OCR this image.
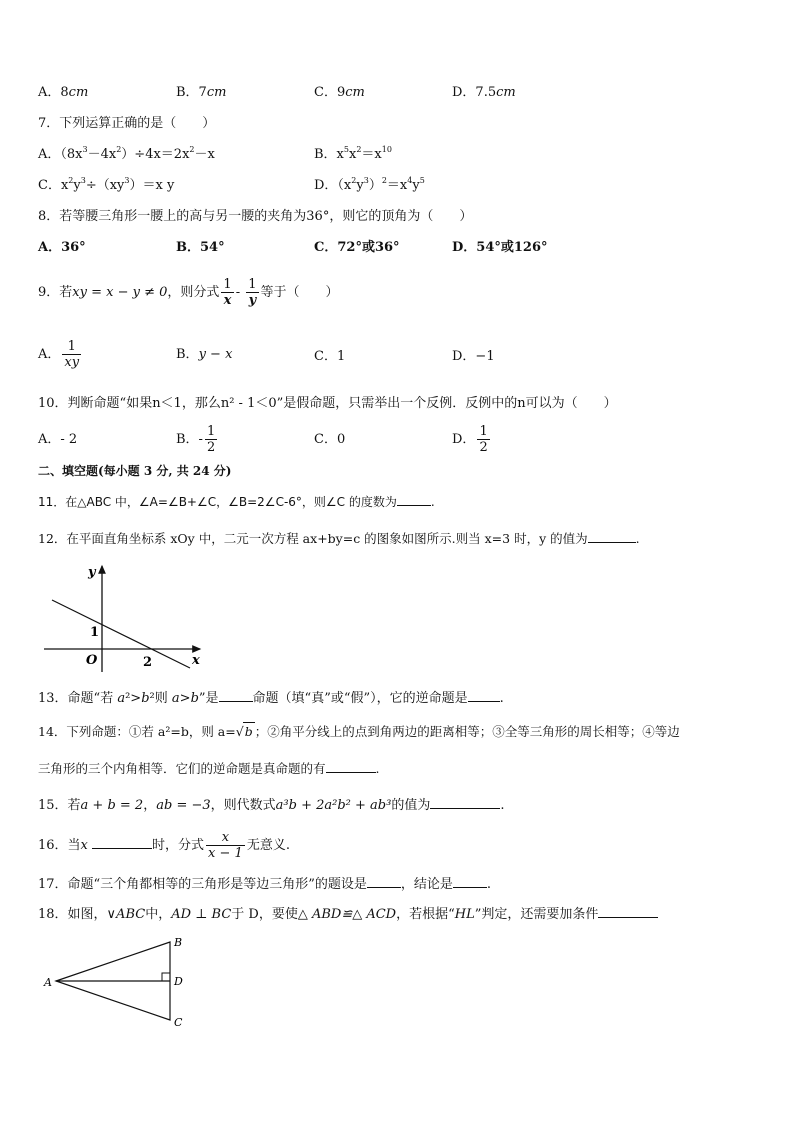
A．8cm	B．7cm	C．9cm	D．7.5cm
7．下列运算正确的是（　　）
A．$(8x^3-4x^2)\div 4x=2x^2-x$	B．$x^5x^2=x^{10}$
C．$x^2y^3\div(xy^3)=x$ y	D．$(x^2y^3)^2=x^4y^5$
8．若等腰三角形一腰上的高与另一腰的夹角为36°，则它的顶角为（　　）
A．36°	B．54°	C．72°或36°	D．54°或126°
9．若xy = x − y ≠ 0，则分式 $\frac{1}{x} - \frac{1}{y}$ 等于（　　）
A． $\frac{1}{xy}$	B．y − x	C．1	D．−1
10．判断命题“如果n＜1，那么n² - 1＜0”是假命题，只需举出一个反例．反例中的n可以为（　　）
A．- 2	B．- $\frac{1}{2}$	C．0	D． $\frac{1}{2}$
二、填空题(每小题 3 分, 共 24 分)
11．在△ABC 中，∠A=∠B+∠C，∠B=2∠C-6°，则∠C 的度数为	.
12．在平面直角坐标系 xOy 中，二元一次方程 ax+by=c 的图象如图所示.则当 x=3 时，y 的值为	.
y
x
O
1
2
13．命题“若 a²>b²则 a>b”是	命题（填“真”或“假”），它的逆命题是 .
14．下列命题：①若 a²=b，则 a=√b ；②角平分线上的点到角两边的距离相等；③全等三角形的周长相等；④等边
三角形的三个内角相等．它们的逆命题是真命题的有	.
15．若a + b = 2，ab = −3，则代数式a³b + 2a²b² + ab³的值为	.
16．当x	时，分式 $\frac{x}{x - 1}$ 无意义.
17．命题“三个角都相等的三角形是等边三角形”的题设是	，结论是	.
18．如图，∨ABC中，AD ⊥ BC于 D，要使△ ABD≌△ ACD，若根据“HL”判定，还需要加条件
A
B
D
C
